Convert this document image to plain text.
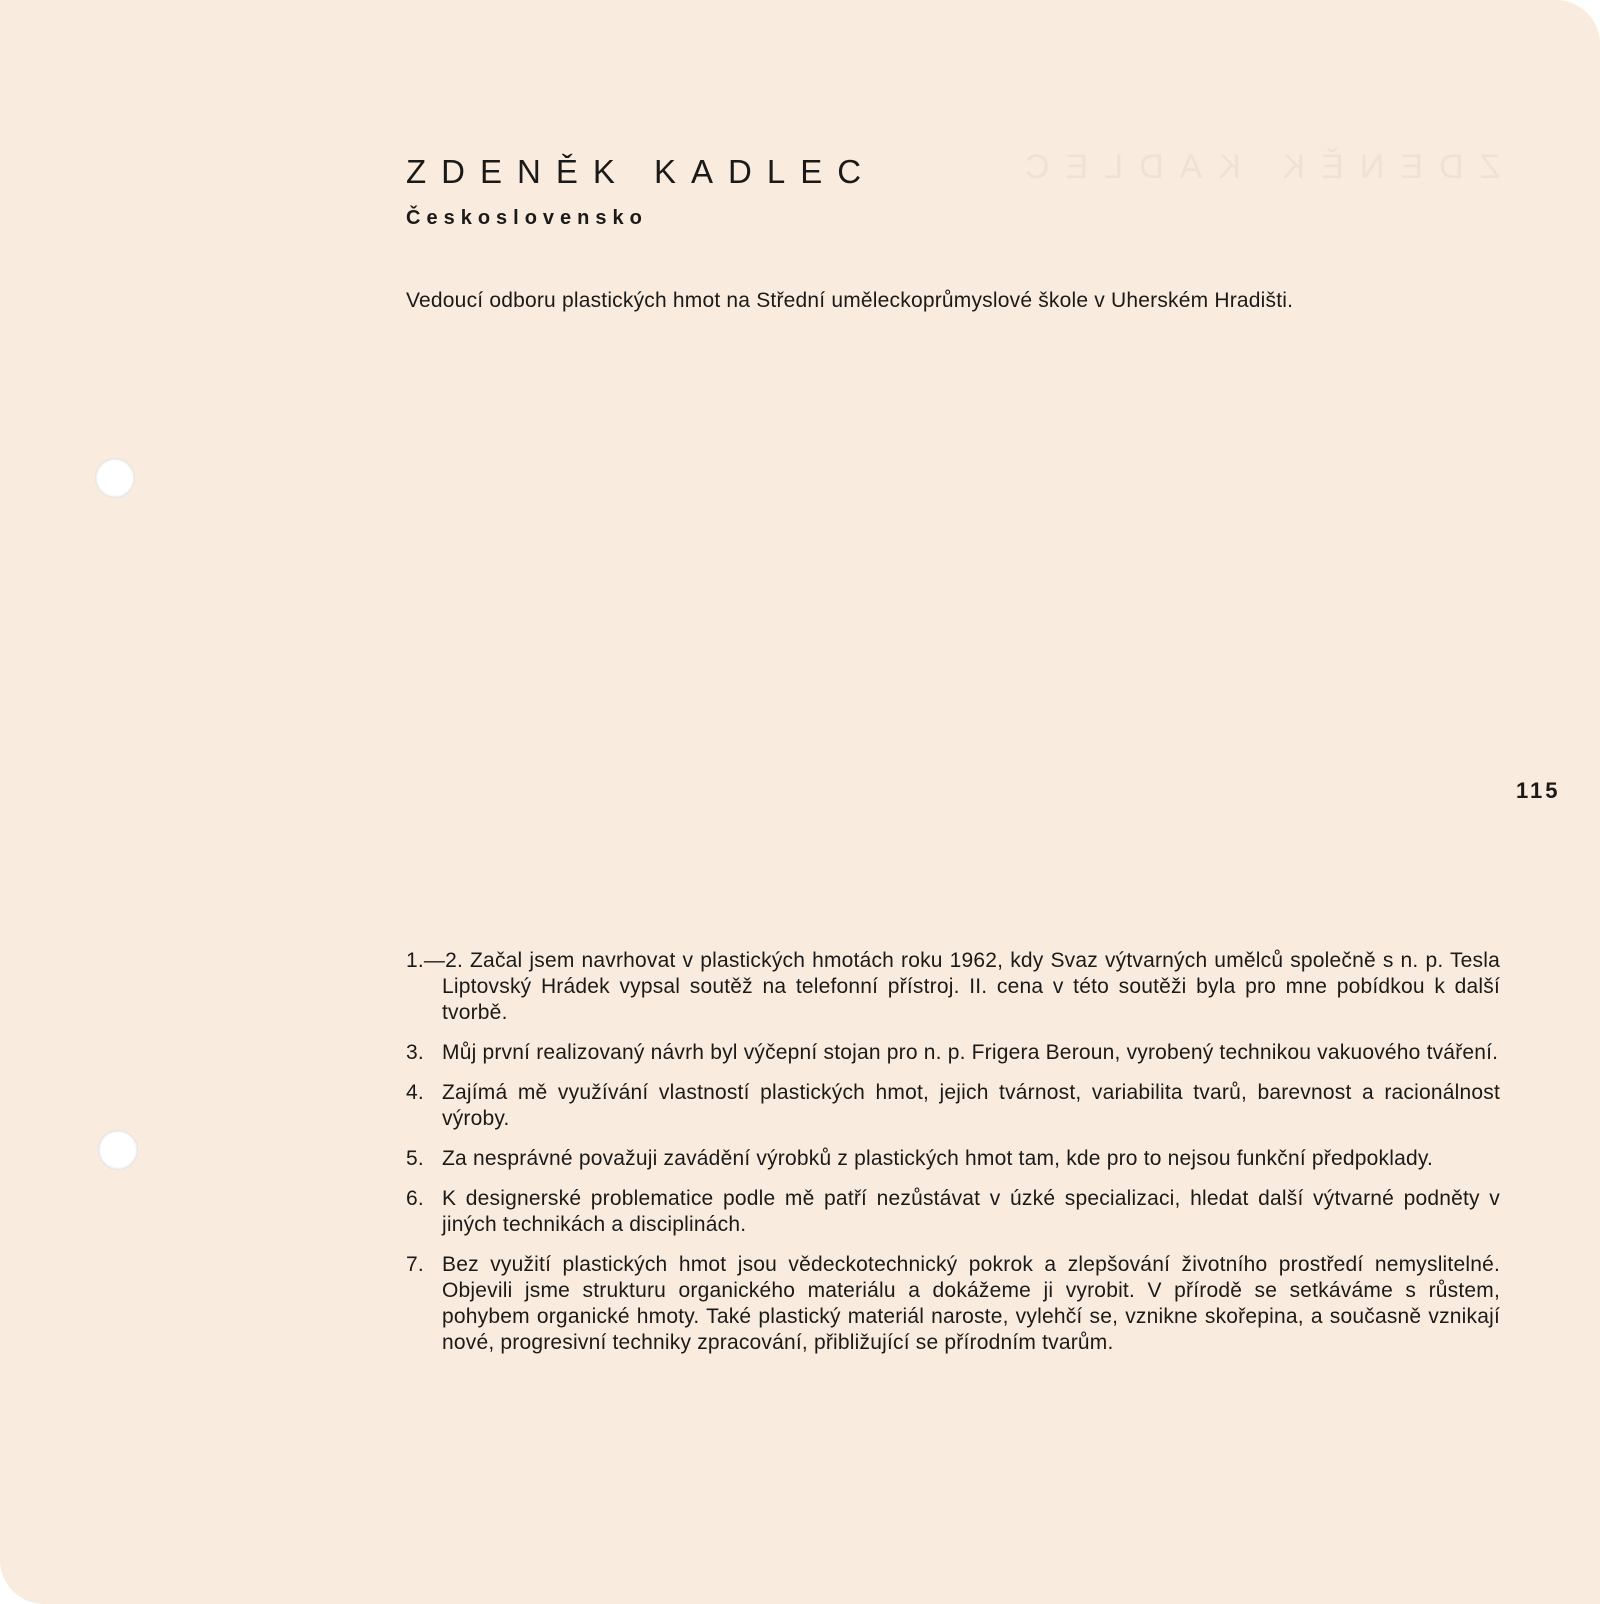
ZDENĚK KADLEC
ZDENĚK KADLEC
Československo
Vedoucí odboru plastických hmot na Střední uměleckoprůmyslové škole v Uherském Hradišti.
115
1.—2. Začal jsem navrhovat v plastických hmotách roku 1962, kdy Svaz výtvarných umělců společně s n. p. Tesla Liptovský Hrádek vypsal soutěž na telefonní přístroj. II. cena v této soutěži byla pro mne pobídkou k další tvorbě.
3. Můj první realizovaný návrh byl výčepní stojan pro n. p. Frigera Beroun, vyrobený technikou vakuového tváření.
4. Zajímá mě využívání vlastností plastických hmot, jejich tvárnost, variabilita tvarů, barevnost a racionálnost výroby.
5. Za nesprávné považuji zavádění výrobků z plastických hmot tam, kde pro to nejsou funkční předpoklady.
6. K designerské problematice podle mě patří nezůstávat v úzké specializaci, hledat další výtvarné podněty v jiných technikách a disciplinách.
7. Bez využití plastických hmot jsou vědeckotechnický pokrok a zlepšování životního prostředí nemyslitelné. Objevili jsme strukturu organického materiálu a dokážeme ji vyrobit. V přírodě se setkáváme s růstem, pohybem organické hmoty. Také plastický materiál naroste, vylehčí se, vznikne skořepina, a současně vznikají nové, progresivní techniky zpracování, přibližující se přírodním tvarům.
